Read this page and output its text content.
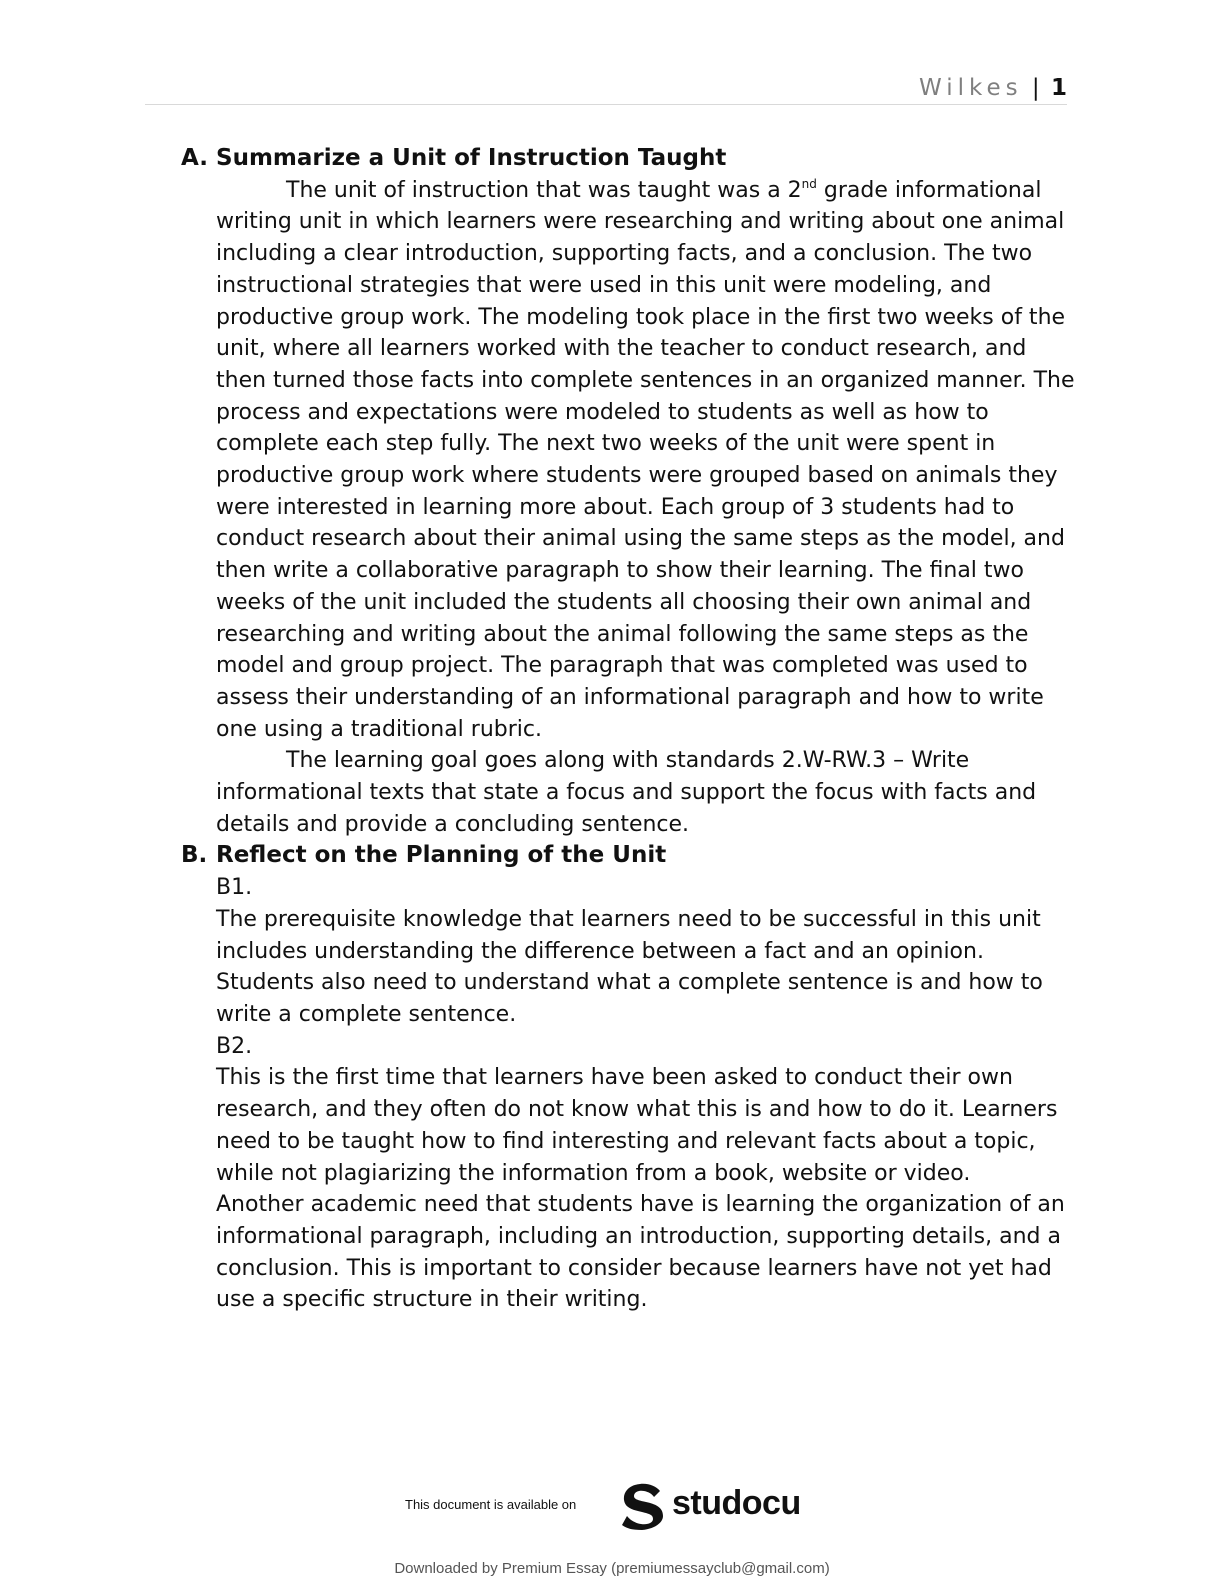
Wilkes | 1
A. Summarize a Unit of Instruction Taught

The unit of instruction that was taught was a 2nd grade informational writing unit in which learners were researching and writing about one animal including a clear introduction, supporting facts, and a conclusion. The two instructional strategies that were used in this unit were modeling, and productive group work. The modeling took place in the first two weeks of the unit, where all learners worked with the teacher to conduct research, and then turned those facts into complete sentences in an organized manner. The process and expectations were modeled to students as well as how to complete each step fully. The next two weeks of the unit were spent in productive group work where students were grouped based on animals they were interested in learning more about. Each group of 3 students had to conduct research about their animal using the same steps as the model, and then write a collaborative paragraph to show their learning. The final two weeks of the unit included the students all choosing their own animal and researching and writing about the animal following the same steps as the model and group project. The paragraph that was completed was used to assess their understanding of an informational paragraph and how to write one using a traditional rubric.

The learning goal goes along with standards 2.W-RW.3 – Write informational texts that state a focus and support the focus with facts and details and provide a concluding sentence.

B. Reflect on the Planning of the Unit

B1.

The prerequisite knowledge that learners need to be successful in this unit includes understanding the difference between a fact and an opinion. Students also need to understand what a complete sentence is and how to write a complete sentence.

B2.

This is the first time that learners have been asked to conduct their own research, and they often do not know what this is and how to do it. Learners need to be taught how to find interesting and relevant facts about a topic, while not plagiarizing the information from a book, website or video.

Another academic need that students have is learning the organization of an informational paragraph, including an introduction, supporting details, and a conclusion. This is important to consider because learners have not yet had use a specific structure in their writing.

This document is available on	studocu
Downloaded by Premium Essay (premiumessayclub@gmail.com)
